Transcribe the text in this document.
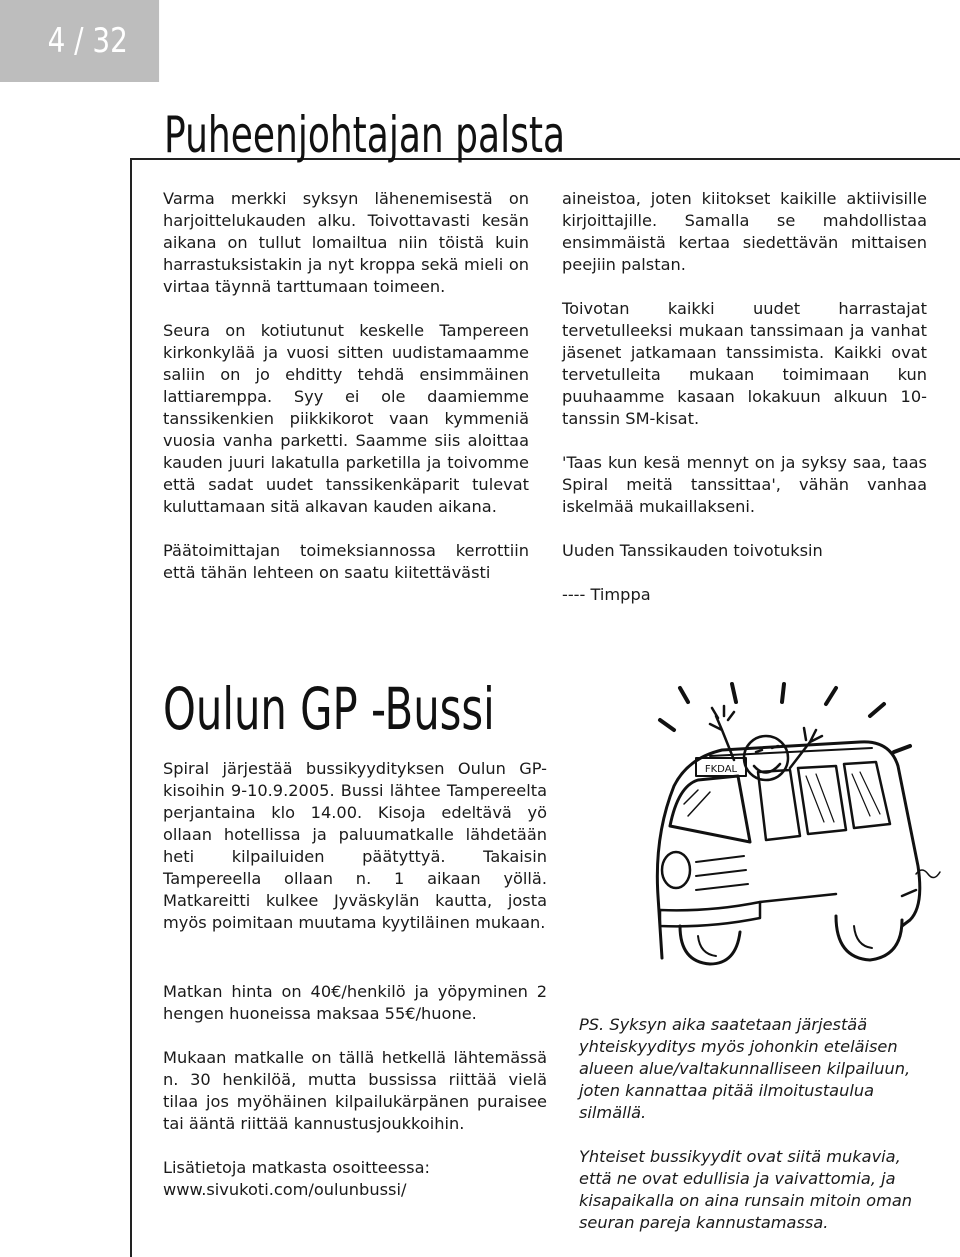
4 / 32
Puheenjohtajan palsta

Varma merkki syksyn lähenemisestä on harjoittelukauden alku. Toivottavasti kesän aikana on tullut lomailtua niin töistä kuin harrastuksistakin ja nyt kroppa sekä mieli on virtaa täynnä tarttumaan toimeen.

Seura on kotiutunut keskelle Tampereen kirkonkylää ja vuosi sitten uudistamaamme saliin on jo ehditty tehdä ensimmäinen lattiaremppa. Syy ei ole daamiemme tanssikenkien piikkikorot vaan kymmeniä vuosia vanha parketti. Saamme siis aloittaa kauden juuri lakatulla parketilla ja toivomme että sadat uudet tanssikenkäparit tulevat kuluttamaan sitä alkavan kauden aikana.

Päätoimittajan toimeksiannossa kerrottiin että tähän lehteen on saatu kiitettävästi

aineistoa, joten kiitokset kaikille aktiivisille kirjoittajille. Samalla se mahdollistaa ensimmäistä kertaa siedettävän mittaisen peejiin palstan.

Toivotan kaikki uudet harrastajat tervetulleeksi mukaan tanssimaan ja vanhat jäsenet jatkamaan tanssimista. Kaikki ovat tervetulleita mukaan toimimaan kun puuhaamme kasaan lokakuun alkuun 10-tanssin SM-kisat.

'Taas kun kesä mennyt on ja syksy saa, taas Spiral meitä tanssittaa', vähän vanhaa iskelmää mukaillakseni.

Uuden Tanssikauden toivotuksin

---- Timppa

Oulun GP -Bussi

Spiral järjestää bussikyydityksen Oulun GP-kisoihin 9-10.9.2005. Bussi lähtee Tampereelta perjantaina klo 14.00. Kisoja edeltävä yö ollaan hotellissa ja paluumatkalle lähdetään heti kilpailuiden päätyttyä. Takaisin Tampereella ollaan n. 1 aikaan yöllä. Matkareitti kulkee Jyväskylän kautta, josta myös poimitaan muutama kyytiläinen mukaan.

Matkan hinta on 40€/henkilö ja yöpyminen 2 hengen huoneissa maksaa 55€/huone.

Mukaan matkalle on tällä hetkellä lähtemässä n. 30 henkilöä, mutta bussissa riittää vielä tilaa jos myöhäinen kilpailukärpänen puraisee tai ääntä riittää kannustusjoukkoihin.

Lisätietoja matkasta osoitteessa:
www.sivukoti.com/oulunbussi/

PS. Syksyn aika saatetaan järjestää yhteiskyyditys myös johonkin eteläisen alueen alue/valtakunnalliseen kilpailuun, joten kannattaa pitää ilmoitustaulua silmällä.

Yhteiset bussikyydit ovat siitä mukavia, että ne ovat edullisia ja vaivattomia, ja kisapaikalla on aina runsain mitoin oman seuran pareja kannustamassa.

FKDAL
